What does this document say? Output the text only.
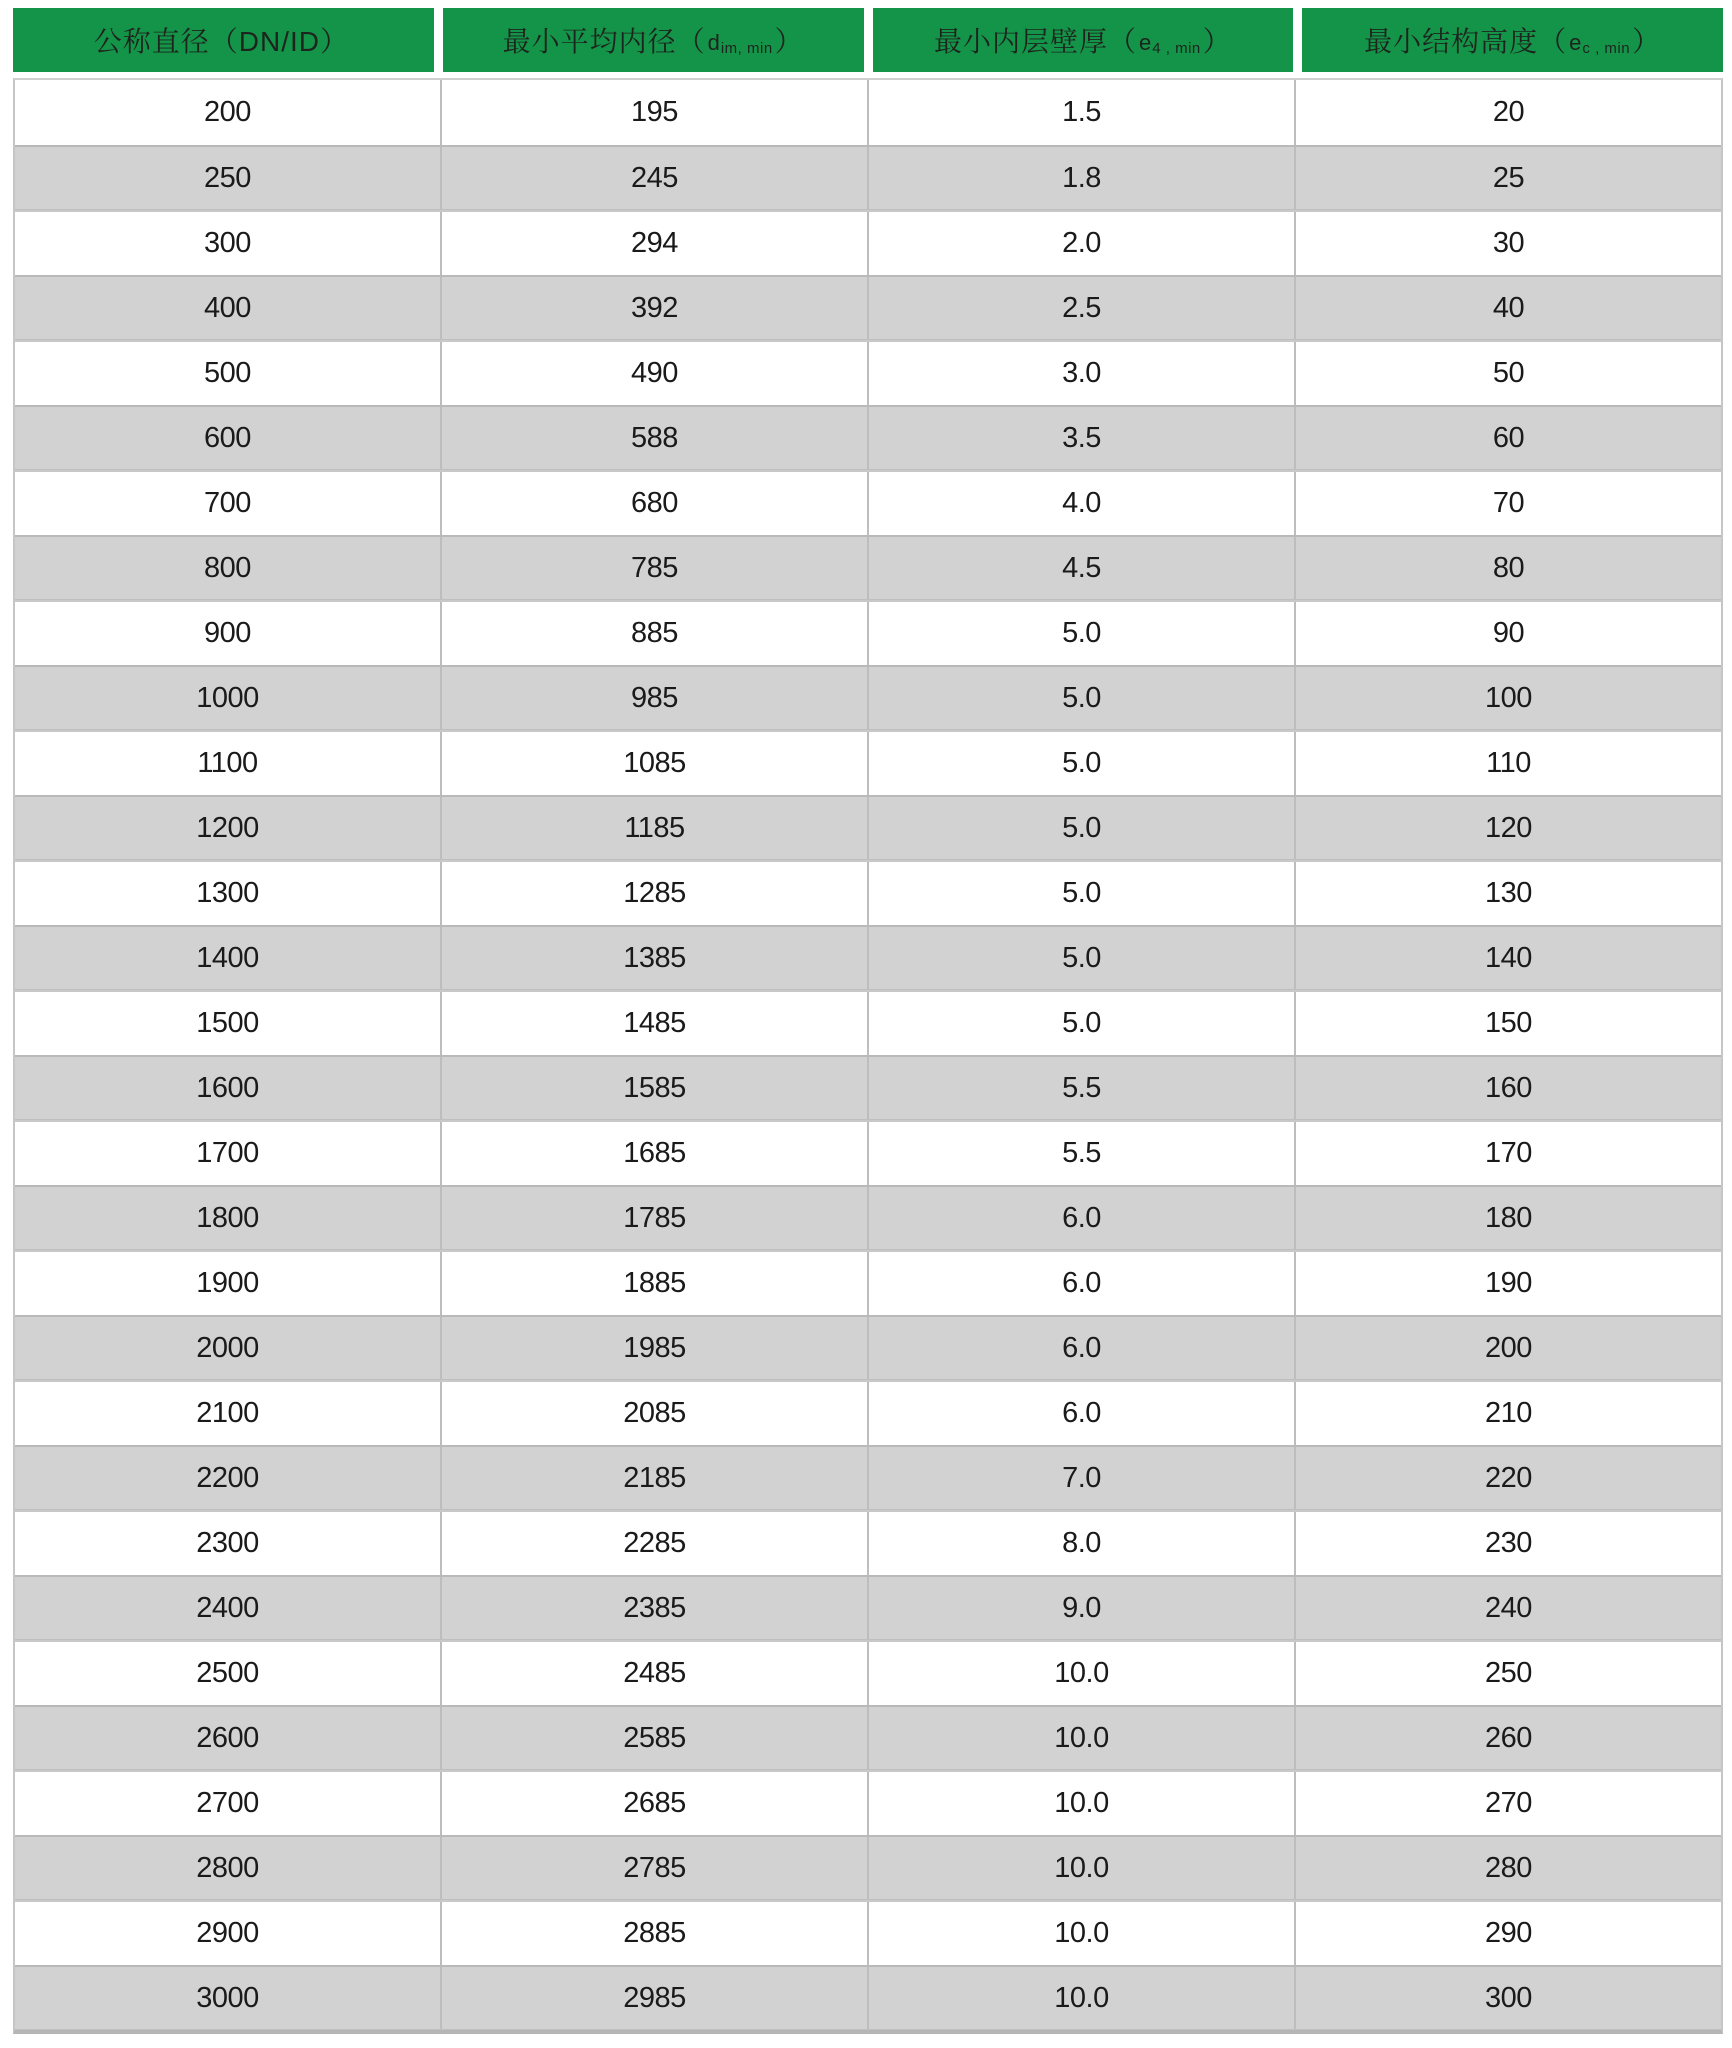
公称直径（DN/ID）	最小平均内径（ d im, min ）	最小内层壁厚（ e 4 , min ）	最小结构高度（ e c , min ）
200	195	1.5	20
250	245	1.8	25
300	294	2.0	30
400	392	2.5	40
500	490	3.0	50
600	588	3.5	60
700	680	4.0	70
800	785	4.5	80
900	885	5.0	90
1000	985	5.0	100
1100	1085	5.0	110
1200	1185	5.0	120
1300	1285	5.0	130
1400	1385	5.0	140
1500	1485	5.0	150
1600	1585	5.5	160
1700	1685	5.5	170
1800	1785	6.0	180
1900	1885	6.0	190
2000	1985	6.0	200
2100	2085	6.0	210
2200	2185	7.0	220
2300	2285	8.0	230
2400	2385	9.0	240
2500	2485	10.0	250
2600	2585	10.0	260
2700	2685	10.0	270
2800	2785	10.0	280
2900	2885	10.0	290
3000	2985	10.0	300
